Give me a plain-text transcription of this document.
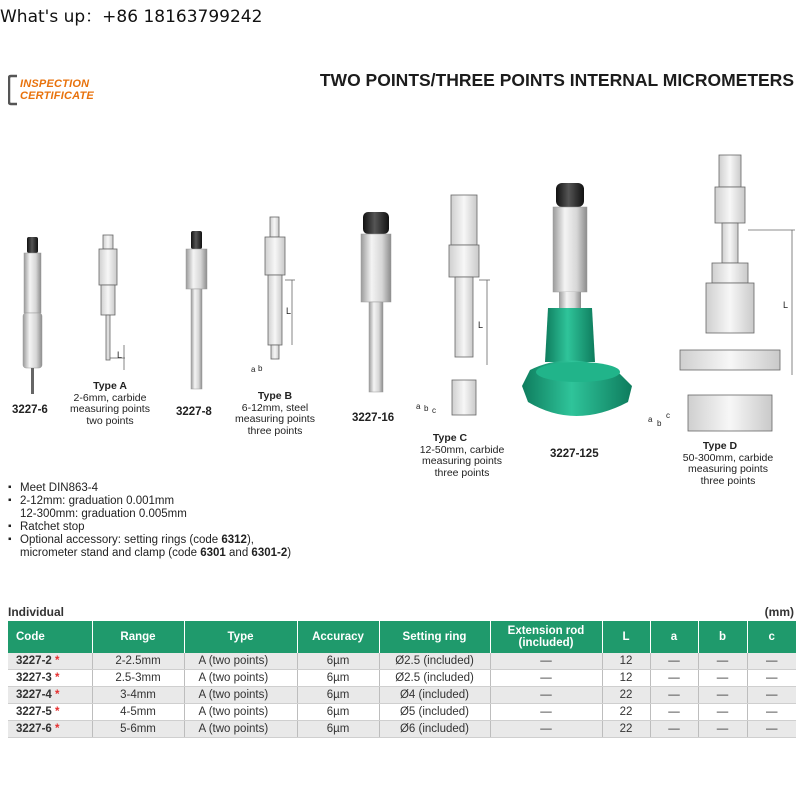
What's up：+86 18163799242
INSPECTION
CERTIFICATE
TWO POINTS/THREE POINTS INTERNAL MICROMETERS
L
L
L
L
a b
a b c
a b
c
3227-6
Type A
2-6mm, carbide
measuring points
two points
3227-8
Type B
6-12mm, steel
measuring points
three points
3227-16
Type C
12-50mm, carbide
measuring points
three points
3227-125
Type D
50-300mm, carbide
measuring points
three points
▪ Meet DIN863-4
▪ 2-12mm: graduation 0.001mm
12-300mm: graduation 0.005mm
▪ Ratchet stop
▪ Optional accessory: setting rings (code 6312),
micrometer stand and clamp (code 6301 and 6301-2)
Individual	(mm)
Code	Range	Type	Accuracy	Setting ring	Extension rod
(included)	L	a	b	c
3227-2 *	2-2.5mm	A (two points)	6µm	Ø2.5 (included)	—	12	—	—	—
3227-3 *	2.5-3mm	A (two points)	6µm	Ø2.5 (included)	—	12	—	—	—
3227-4 *	3-4mm	A (two points)	6µm	Ø4 (included)	—	22	—	—	—
3227-5 *	4-5mm	A (two points)	6µm	Ø5 (included)	—	22	—	—	—
3227-6 *	5-6mm	A (two points)	6µm	Ø6 (included)	—	22	—	—	—
